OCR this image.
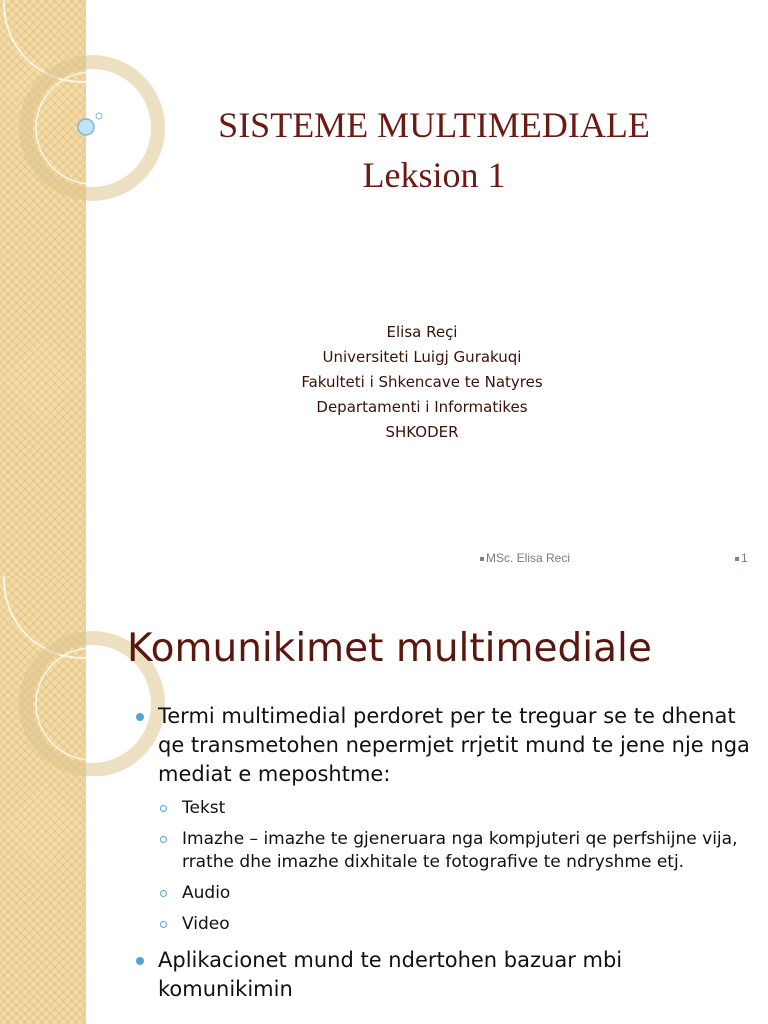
SISTEME MULTIMEDIALE
Leksion 1
Elisa Reçi
Universiteti Luigj Gurakuqi
Fakulteti i Shkencave te Natyres
Departamenti i Informatikes
SHKODER
MSc. Elisa Reci	1
Komunikimet multimediale
Termi multimedial perdoret per te treguar se te dhenat qe transmetohen nepermjet rrjetit mund te jene nje nga mediat e meposhtme:
Tekst
Imazhe – imazhe te gjeneruara nga kompjuteri qe perfshijne vija, rrathe dhe imazhe dixhitale te fotografive te ndryshme etj.
Audio
Video
Aplikacionet mund te ndertohen bazuar mbi komunikimin
